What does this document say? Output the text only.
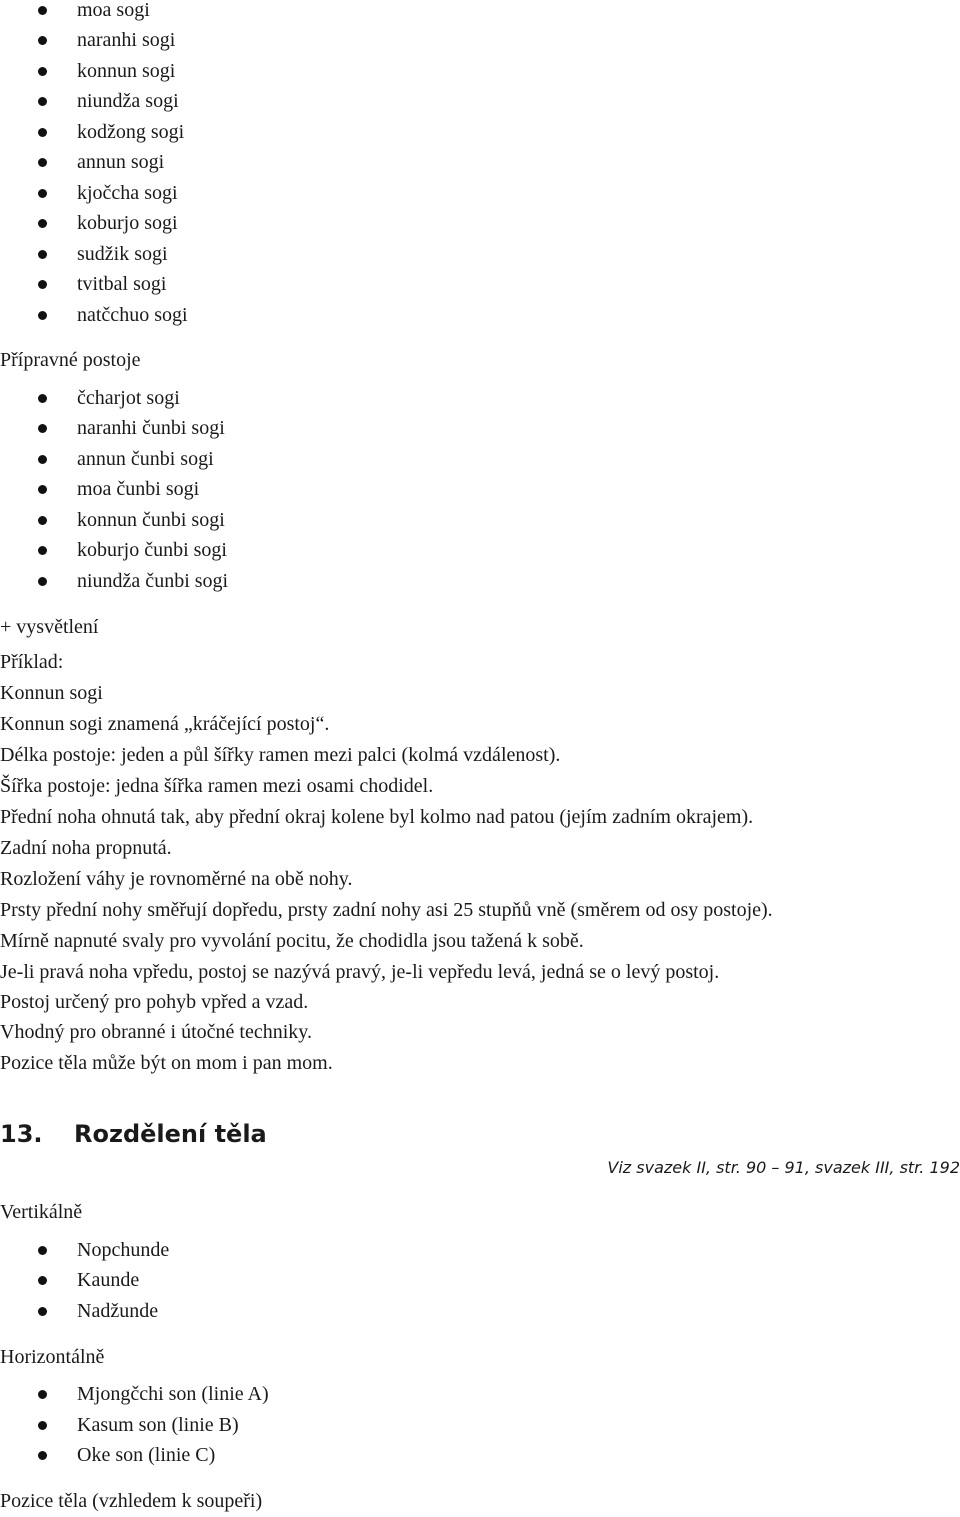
moa sogi
naranhi sogi
konnun sogi
niundža sogi
kodžong sogi
annun sogi
kjočcha sogi
koburjo sogi
sudžik sogi
tvitbal sogi
natčchuo sogi
Přípravné postoje
čcharjot sogi
naranhi čunbi sogi
annun čunbi sogi
moa čunbi sogi
konnun čunbi sogi
koburjo čunbi sogi
niundža čunbi sogi
+ vysvětlení
Příklad:
Konnun sogi
Konnun sogi znamená „kráčející postoj“.
Délka postoje: jeden a půl šířky ramen mezi palci (kolmá vzdálenost).
Šířka postoje: jedna šířka ramen mezi osami chodidel.
Přední noha ohnutá tak, aby přední okraj kolene byl kolmo nad patou (jejím zadním okrajem).
Zadní noha propnutá.
Rozložení váhy je rovnoměrné na obě nohy.
Prsty přední nohy směřují dopředu, prsty zadní nohy asi 25 stupňů vně (směrem od osy postoje).
Mírně napnuté svaly pro vyvolání pocitu, že chodidla jsou tažená k sobě.
Je-li pravá noha vpředu, postoj se nazývá pravý, je-li vepředu levá, jedná se o levý postoj.
Postoj určený pro pohyb vpřed a vzad.
Vhodný pro obranné i útočné techniky.
Pozice těla může být on mom i pan mom.
13. Rozdělení těla
Viz svazek II, str. 90 – 91, svazek III, str. 192
Vertikálně
Nopchunde
Kaunde
Nadžunde
Horizontálně
Mjongčchi son (linie A)
Kasum son (linie B)
Oke son (linie C)
Pozice těla (vzhledem k soupeři)
